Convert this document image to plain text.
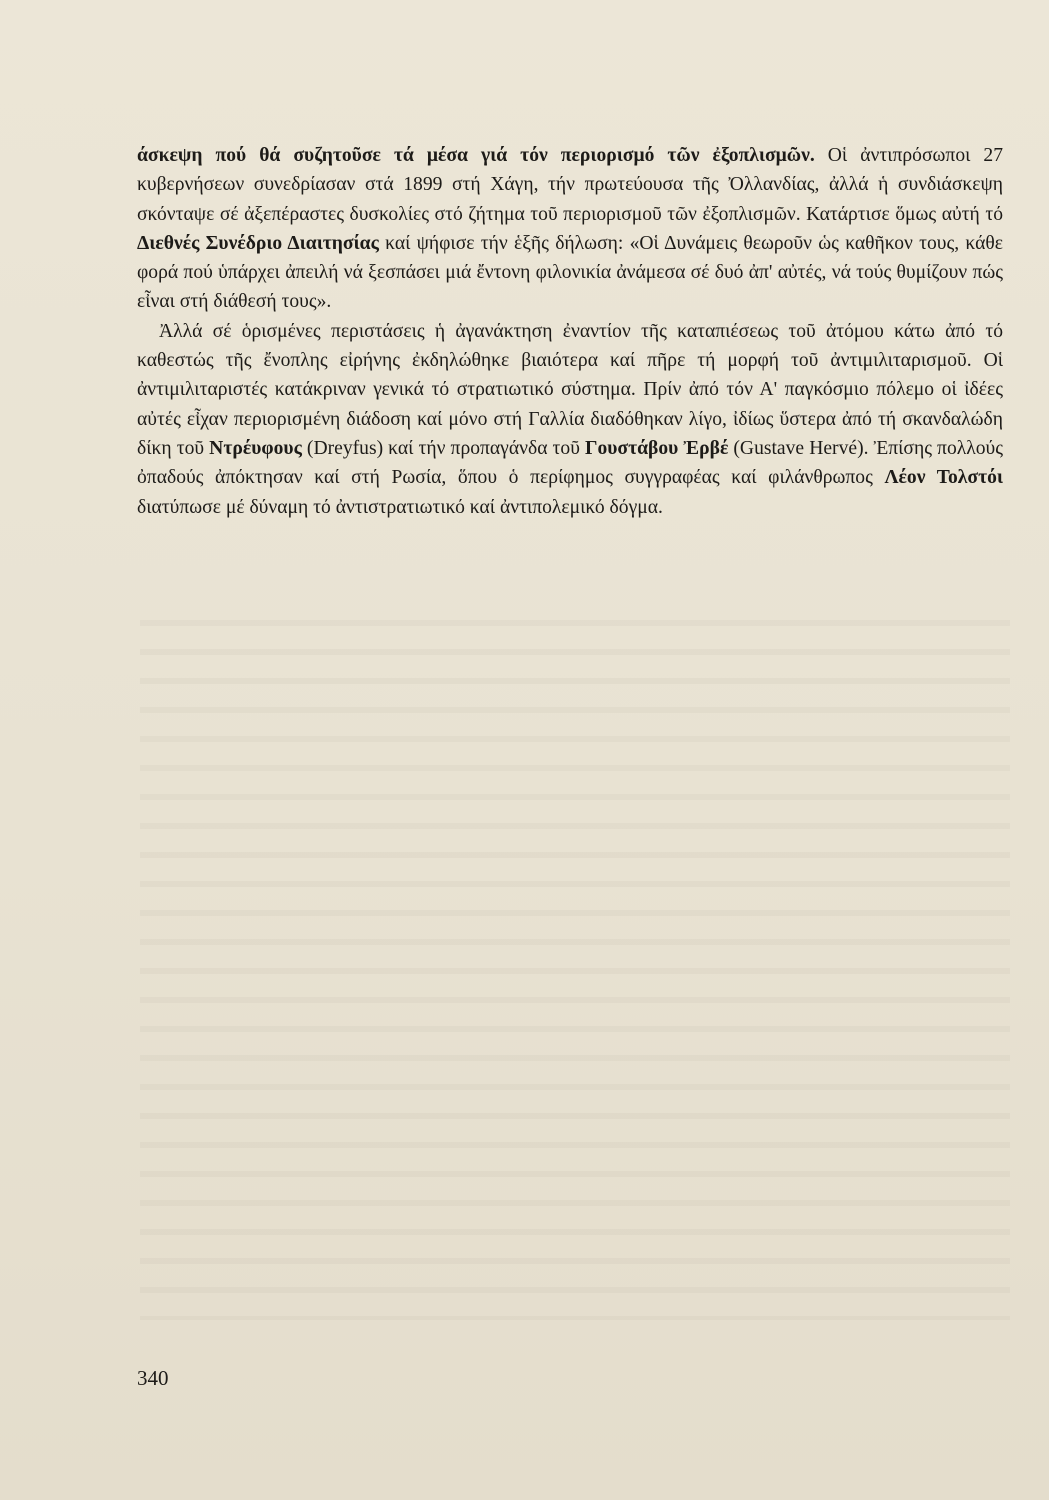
άσκεψη πού θά συζητοῦσε τά μέσα γιά τόν περιορισμό τῶν ἐξοπλισμῶν. Οἱ ἀντιπρόσωποι 27 κυβερνήσεων συνεδρίασαν στά 1899 στή Χάγη, τήν πρωτεύουσα τῆς Ὀλλανδίας, ἀλλά ἡ συνδιάσκεψη σκόνταψε σέ ἀξεπέραστες δυσκολίες στό ζήτημα τοῦ περιορισμοῦ τῶν ἐξοπλισμῶν. Κατάρτισε ὅμως αὐτή τό Διεθνές Συνέδριο Διαιτησίας καί ψήφισε τήν ἑξῆς δήλωση: «Οἱ Δυνάμεις θεωροῦν ὡς καθῆκον τους, κάθε φορά πού ὑπάρχει ἀπειλή νά ξεσπάσει μιά ἔντονη φιλονικία ἀνάμεσα σέ δυό ἀπ' αὐτές, νά τούς θυμίζουν πώς εἶναι στή διάθεσή τους».

Ἀλλά σέ ὁρισμένες περιστάσεις ἡ ἀγανάκτηση ἐναντίον τῆς καταπιέσεως τοῦ ἀτόμου κάτω ἀπό τό καθεστώς τῆς ἔνοπλης εἰρήνης ἐκδηλώθηκε βιαιότερα καί πῆρε τή μορφή τοῦ ἀντιμιλιταρισμοῦ. Οἱ ἀντιμιλιταριστές κατάκριναν γενικά τό στρατιωτικό σύστημα. Πρίν ἀπό τόν Α' παγκόσμιο πόλεμο οἱ ἰδέες αὐτές εἶχαν περιορισμένη διάδοση καί μόνο στή Γαλλία διαδόθηκαν λίγο, ἰδίως ὕστερα ἀπό τή σκανδαλώδη δίκη τοῦ Ντρέυφους (Dreyfus) καί τήν προπαγάνδα τοῦ Γουστάβου Ἐρβέ (Gustave Hervé). Ἐπίσης πολλούς ὀπαδούς ἀπόκτησαν καί στή Ρωσία, ὅπου ὁ περίφημος συγγραφέας καί φιλάνθρωπος Λέον Τολστόι διατύπωσε μέ δύναμη τό ἀντιστρατιωτικό καί ἀντιπολεμικό δόγμα.

340
